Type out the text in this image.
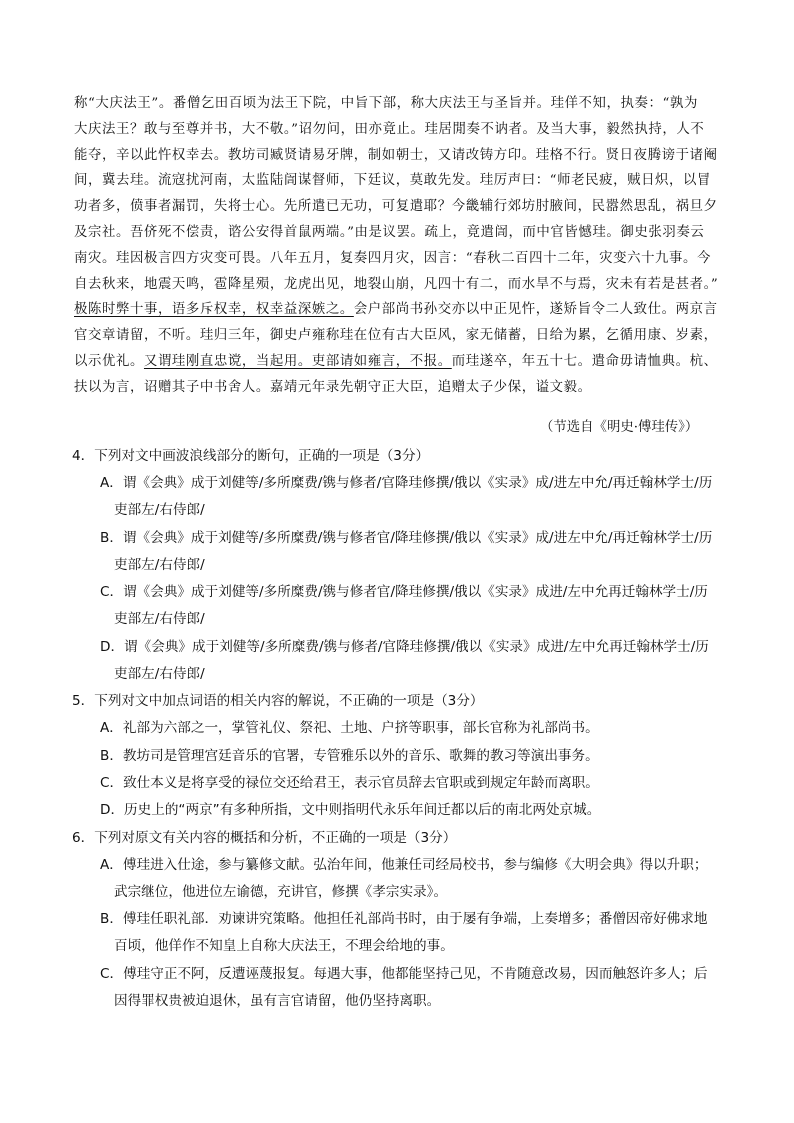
称“大庆法王”。番僧乞田百顷为法王下院，中旨下部，称大庆法王与圣旨并。珪佯不知，执奏：“孰为
大庆法王？敢与至尊并书，大不敬。”诏勿问，田亦竟止。珪居閒奏不讷者。及当大事，毅然执持，人不
能夺，辛以此忤权幸去。教坊司臧贤请易牙牌，制如朝士，又请改铸方印。珪格不行。贤日夜腾谤于诸阉
间，冀去珪。流寇扰河南，太监陆訚谋督师，下廷议，莫敢先发。珪厉声曰：“师老民疲，贼日炽，以冒
功者多，偾事者漏罚，失将士心。先所遣已无功，可复遣耶？今畿辅行郊坊肘腋间，民嚣然思乱，祸旦夕
及宗社。吾侪死不偿责，谘公安得首鼠两端。”由是议罢。疏上，竟遣訚，而中官皆憾珪。御史张羽奏云
南灾。珪因极言四方灾变可畏。八年五月，复奏四月灾，因言：“春秋二百四十二年，灾变六十九事。今
自去秋来，地震天鸣，雹降星殒，龙虎出见，地裂山崩，凡四十有二，而水旱不与焉，灾未有若是甚者。”
极陈时弊十事，语多斥权幸，权幸益深嫉之。会户部尚书孙交亦以中正见忤，遂矫旨令二人致仕。两京言
官交章请留，不听。珪归三年，御史卢雍称珪在位有古大臣风，家无储蓄，日给为累，乞循用康、岁素，
以示优礼。又谓珪刚直忠谠，当起用。吏部请如雍言，不报。而珪遂卒，年五十七。遣命毋请恤典。杭、
扶以为言，诏赠其子中书舍人。嘉靖元年录先朝守正大臣，追赠太子少保，谥文毅。
（节选自《明史·傅珪传》）
4．下列对文中画波浪线部分的断句，正确的一项是（3分）
A．谓《会典》成于刘健等/多所糜费/镌与修者/官降珪修撰/俄以《实录》成/进左中允/再迁翰林学士/历
吏部左/右侍郎/
B．谓《会典》成于刘健等/多所糜费/镌与修者官/降珪修撰/俄以《实录》成/进左中允/再迁翰林学士/历
吏部左/右侍郎/
C．谓《会典》成于刘健等/多所糜费/镌与修者官/降珪修撰/俄以《实录》成进/左中允再迁翰林学士/历
吏部左/右侍郎/
D．谓《会典》成于刘健等/多所糜费/镌与修者/官降珪修撰/俄以《实录》成进/左中允再迁翰林学士/历
吏部左/右侍郎/
5．下列对文中加点词语的相关内容的解说，不正确的一项是（3分）
A．礼部为六部之一，掌管礼仪、祭祀、土地、户挤等职事，部长官称为礼部尚书。
B．教坊司是管理宫廷音乐的官署，专管雅乐以外的音乐、歌舞的教习等演出事务。
C．致仕本义是将享受的禄位交还给君王，表示官员辞去官职或到规定年龄而离职。
D．历史上的“两京”有多种所指，文中则指明代永乐年间迁都以后的南北两处京城。
6．下列对原文有关内容的概括和分析，不正确的一项是（3分）
A．傅珪进入仕途，参与纂修文献。弘治年间，他兼任司经局校书，参与编修《大明会典》得以升职；
武宗继位，他进位左谕德，充讲官，修撰《孝宗实录》。
B．傅珪任职礼部．劝谏讲究策略。他担任礼部尚书时，由于屡有争端，上奏增多；番僧因帝好佛求地
百顷，他佯作不知皇上自称大庆法王，不理会给地的事。
C．傅珪守正不阿，反遭诬蔑报复。每遇大事，他都能坚持己见，不肯随意改易，因而触怒许多人；后
因得罪权贵被迫退休，虽有言官请留，他仍坚持离职。
